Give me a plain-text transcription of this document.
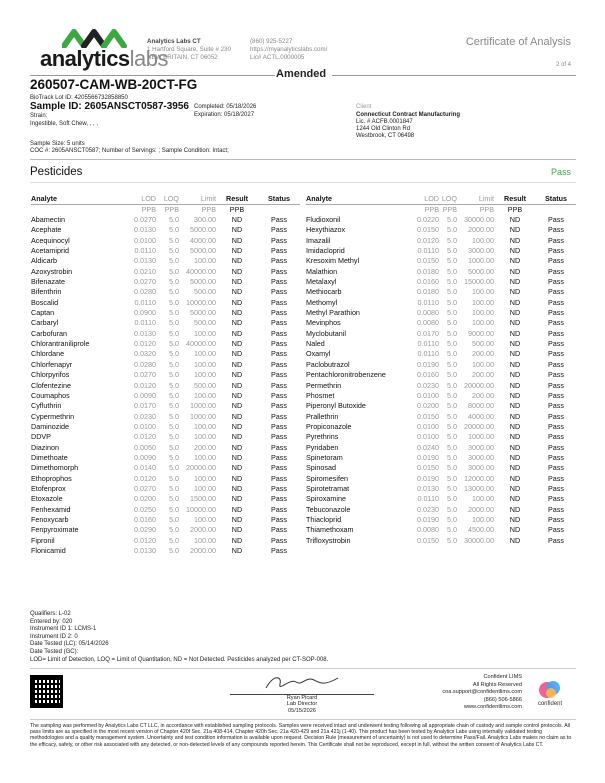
analyticslabs
Analytics Labs CT
1 Hartford Square, Suite # 230
NEW BRITAIN, CT 06052
(860) 925-5227
https://myanalyticslabs.com/
Lic# ACTL.0000005
Certificate of Analysis
2 of 4
Amended
260507-CAM-WB-20CT-FG
BioTrack Lot ID: 4205566732858850
Sample ID: 2605ANSCT0587-3956
Strain:
Ingestible, Soft Chew, , , ,
Completed: 05/18/2026
Expiration: 05/18/2027
Client
Connecticut Contract Manufacturing
Lic. # ACFB.0001847
1244 Old Clinton Rd
Westbrook, CT 06498
Sample Size: 5 units
COC #: 2605ANSCT0587; Number of Servings: ; Sample Condition: Intact;
Pesticides	Pass
Analyte	LOD	LOQ	Limit	Result	Status
	PPB	PPB	PPB	PPB	
Abamectin	0.0270	5.0	300.00	ND	Pass
Acephate	0.0130	5.0	5000.00	ND	Pass
Acequinocyl	0.0100	5.0	4000.00	ND	Pass
Acetamiprid	0.0110	5.0	5000.00	ND	Pass
Aldicarb	0.0130	5.0	100.00	ND	Pass
Azoxystrobin	0.0210	5.0	40000.00	ND	Pass
Bifenazate	0.0270	5.0	5000.00	ND	Pass
Bifenthrin	0.0280	5.0	500.00	ND	Pass
Boscalid	0.0110	5.0	10000.00	ND	Pass
Captan	0.0900	5.0	5000.00	ND	Pass
Carbaryl	0.0110	5.0	500.00	ND	Pass
Carbofuran	0.0130	5.0	100.00	ND	Pass
Chlorantraniliprole	0.0120	5.0	40000.00	ND	Pass
Chlordane	0.0320	5.0	100.00	ND	Pass
Chlorfenapyr	0.0280	5.0	100.00	ND	Pass
Chlorpyrifos	0.0270	5.0	100.00	ND	Pass
Clofentezine	0.0120	5.0	500.00	ND	Pass
Coumaphos	0.0090	5.0	100.00	ND	Pass
Cyfluthrin	0.0170	5.0	1000.00	ND	Pass
Cypermethrin	0.0230	5.0	1000.00	ND	Pass
Daminozide	0.0100	5.0	100.00	ND	Pass
DDVP	0.0120	5.0	100.00	ND	Pass
Diazinon	0.0050	5.0	200.00	ND	Pass
Dimethoate	0.0090	5.0	100.00	ND	Pass
Dimethomorph	0.0140	5.0	20000.00	ND	Pass
Ethoprophos	0.0120	5.0	100.00	ND	Pass
Etofenprox	0.0270	5.0	100.00	ND	Pass
Etoxazole	0.0200	5.0	1500.00	ND	Pass
Fenhexamid	0.0250	5.0	10000.00	ND	Pass
Fenoxycarb	0.0160	5.0	100.00	ND	Pass
Fenpyroximate	0.0290	5.0	2000.00	ND	Pass
Fipronil	0.0120	5.0	100.00	ND	Pass
Flonicamid	0.0130	5.0	2000.00	ND	Pass
Analyte	LOD	LOQ	Limit	Result	Status
	PPB	PPB	PPB	PPB	
Fludioxonil	0.0220	5.0	30000.00	ND	Pass
Hexythiazox	0.0150	5.0	2000.00	ND	Pass
Imazalil	0.0120	5.0	100.00	ND	Pass
Imidacloprid	0.0110	5.0	3000.00	ND	Pass
Kresoxim Methyl	0.0150	5.0	1000.00	ND	Pass
Malathion	0.0180	5.0	5000.00	ND	Pass
Metalaxyl	0.0160	5.0	15000.00	ND	Pass
Methiocarb	0.0180	5.0	100.00	ND	Pass
Methomyl	0.0110	5.0	100.00	ND	Pass
Methyl Parathion	0.0080	5.0	100.00	ND	Pass
Mevinphos	0.0080	5.0	100.00	ND	Pass
Myclobutanil	0.0170	5.0	9000.00	ND	Pass
Naled	0.0110	5.0	500.00	ND	Pass
Oxamyl	0.0110	5.0	200.00	ND	Pass
Paclobutrazol	0.0190	5.0	100.00	ND	Pass
Pentachloronitrobenzene	0.0160	5.0	200.00	ND	Pass
Permethrin	0.0230	5.0	20000.00	ND	Pass
Phosmet	0.0100	5.0	200.00	ND	Pass
Piperonyl Butoxide	0.0200	5.0	8000.00	ND	Pass
Prallethrin	0.0150	5.0	4000.00	ND	Pass
Propiconazole	0.0100	5.0	20000.00	ND	Pass
Pyrethrins	0.0100	5.0	1000.00	ND	Pass
Pyridaben	0.0240	5.0	3000.00	ND	Pass
Spinetoram	0.0190	5.0	3000.00	ND	Pass
Spinosad	0.0150	5.0	3000.00	ND	Pass
Spiromesifen	0.0190	5.0	12000.00	ND	Pass
Spirotetramat	0.0130	5.0	13000.00	ND	Pass
Spiroxamine	0.0110	5.0	100.00	ND	Pass
Tebuconazole	0.0230	5.0	2000.00	ND	Pass
Thiacloprid	0.0190	5.0	100.00	ND	Pass
Thiamethoxam	0.0080	5.0	4500.00	ND	Pass
Trifloxystrobin	0.0150	5.0	30000.00	ND	Pass
Qualifiers: L-02
Entered by: 020
Instrument ID 1: LCMS-1
Instrument ID 2: 0
Date Tested (LC): 05/14/2026
Date Tested (GC):
LOD= Limit of Detection, LOQ = Limit of Quantitation, ND = Not Detected. Pesticides analyzed per CT-SOP-008.
Ryan Picard
Lab Director
05/15/2026
Confident LIMS
All Rights Reserved
coa.support@confidentlims.com
(866) 506-5866
www.confidentlims.com	confident
The sampling was performed by Analytics Labs CT LLC, in accordance with established sampling protocols. Samples were received intact and underwent testing following all appropriate chain of custody and sample control protocols. All pass limits are as specified in the most recent version of Chapter 420f Sec. 21a 408-414, Chapter 420h Sec. 21a 420-429 and 21a 421j (1-40). This product has been tested by Analytics Labs using internally validated testing methodologies and a quality management system. Uncertainty and test condition information is available upon request. Decision Rule (measurement of uncertainty) is not used to determine Pass/Fail. Analytics Labs makes no claim as to the efficacy, safety, or other risk associated with any detected, or non-detected levels of any compounds reported herein. This Certificate shall not be reproduced, except in full, without the written consent of Analytics Labs CT.
